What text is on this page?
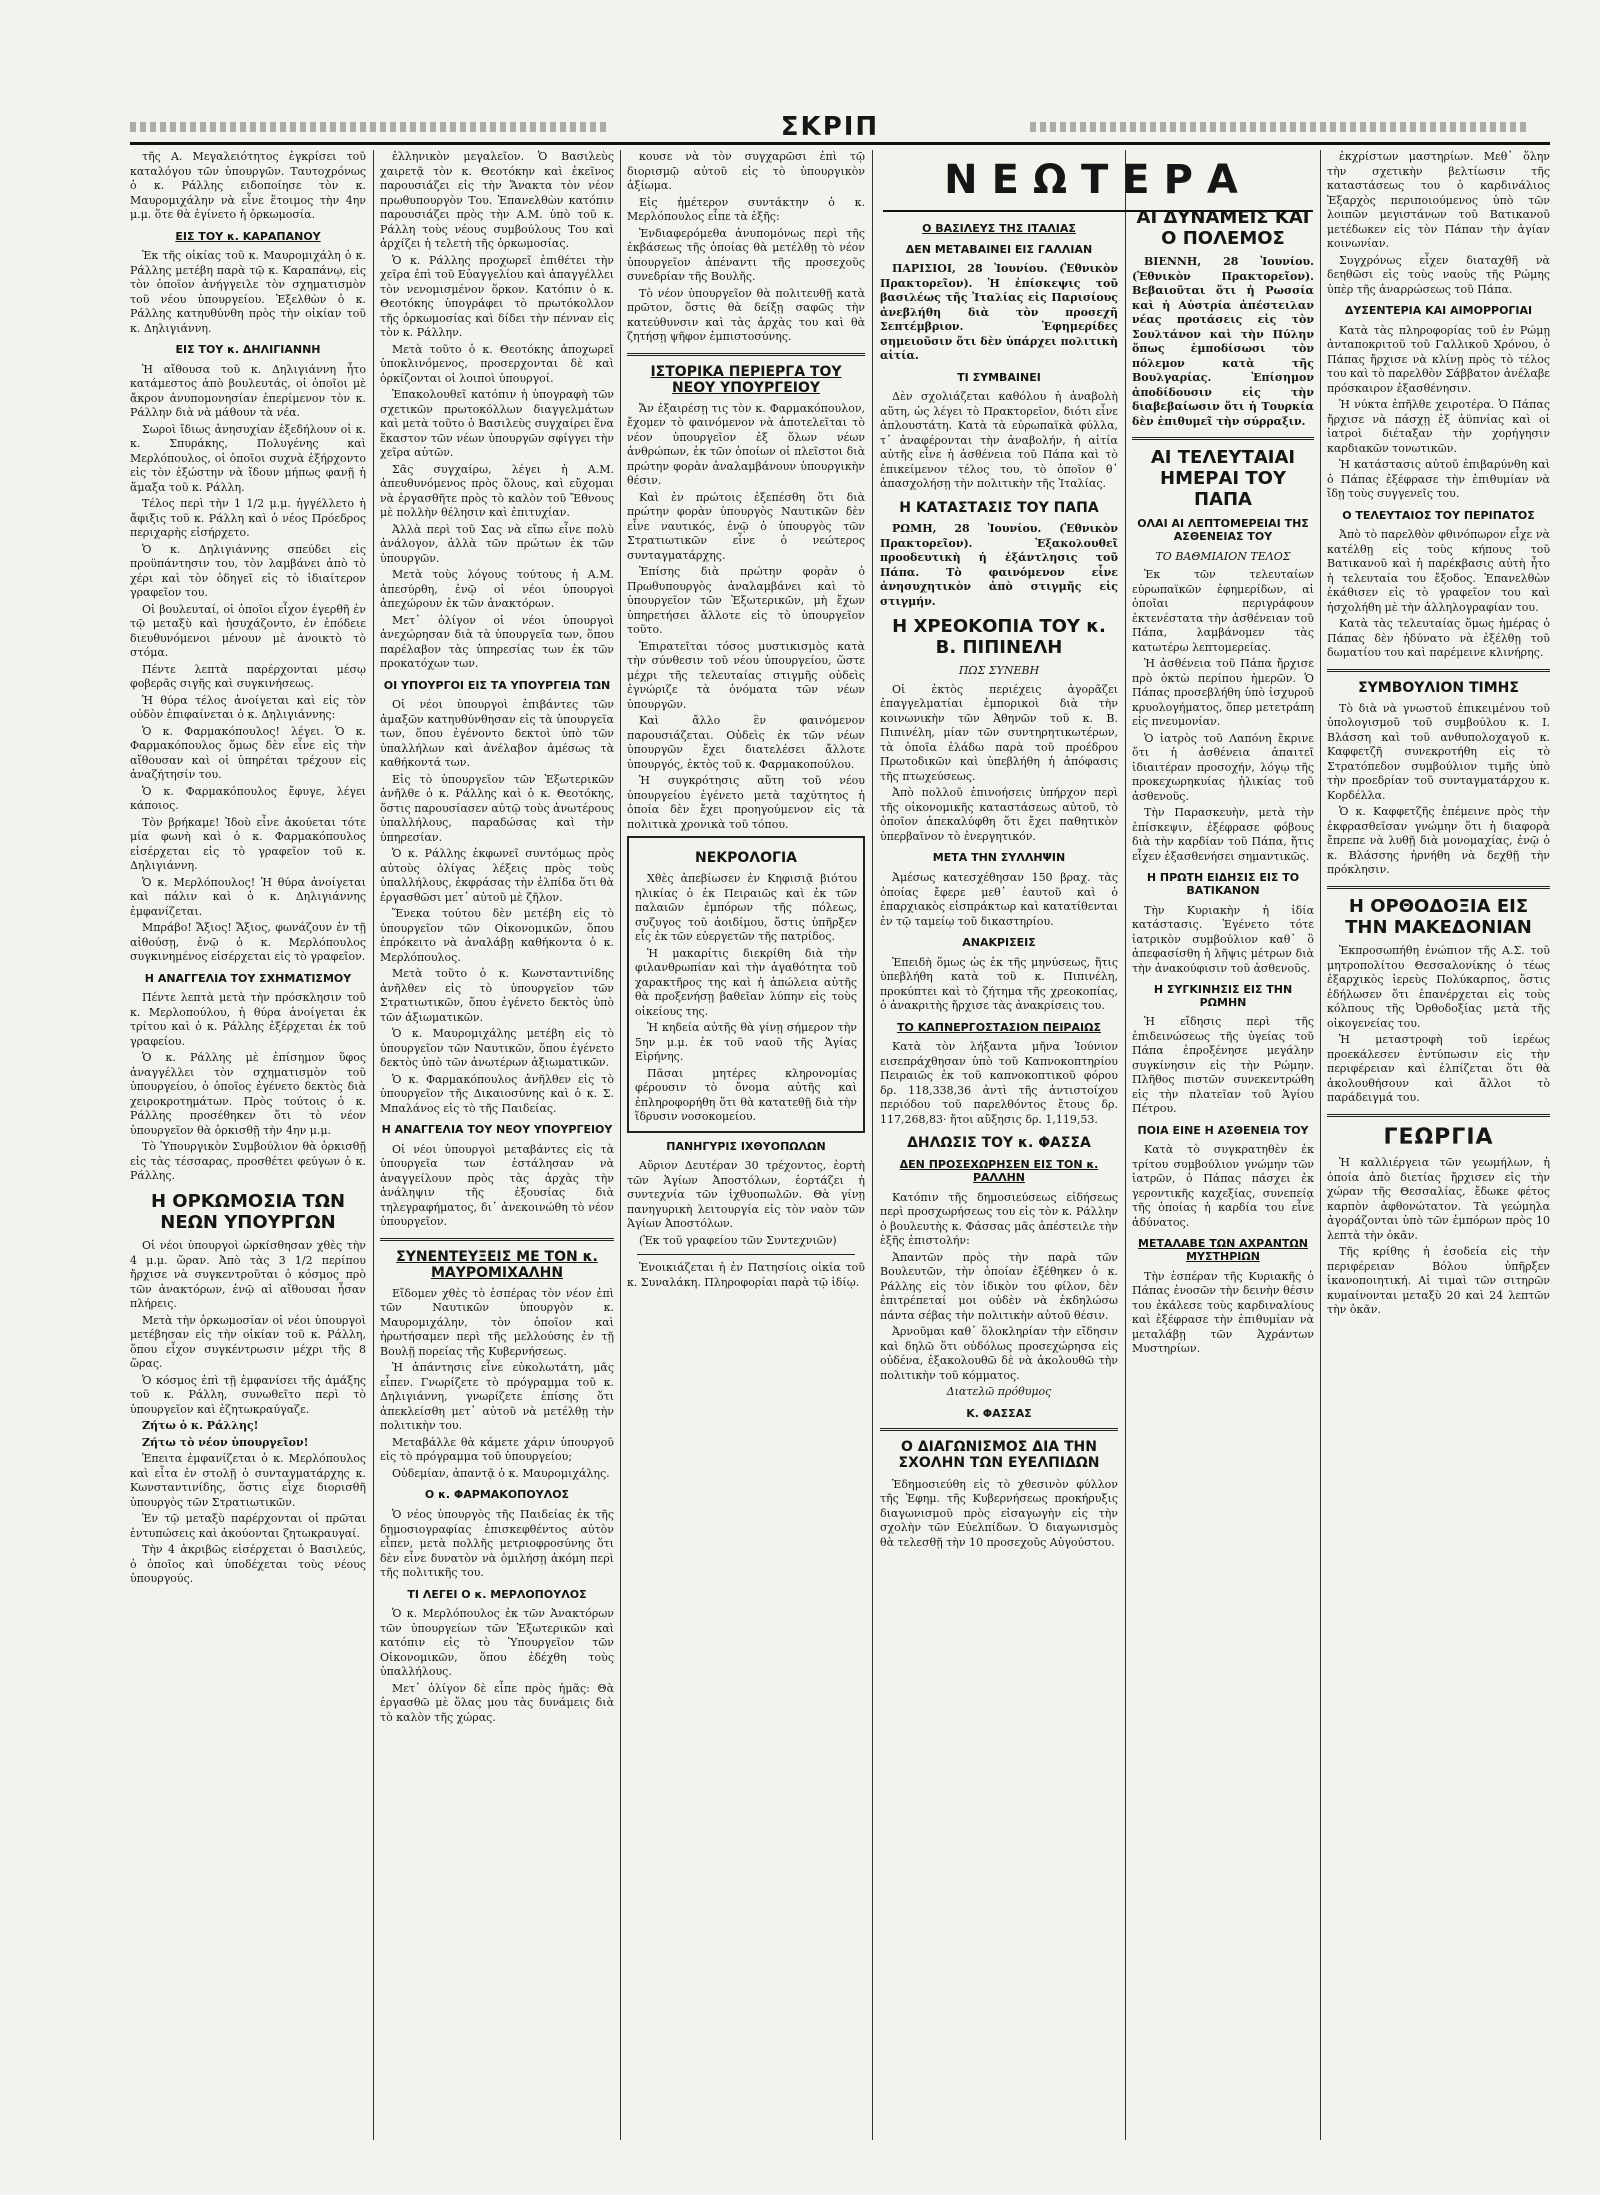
ΣΚΡΙΠ

τῆς Α. Μεγαλειότητος ἐγκρίσει τοῦ καταλόγου τῶν ὑπουργῶν. Ταυτοχρόνως ὁ κ. Ράλλης ειδοποίησε τὸν κ. Μαυρομιχάλην νὰ εἶνε ἕτοιμος τὴν 4ην μ.μ. ὅτε θὰ ἐγίνετο ἡ ὁρκωμοσία.

ΕΙΣ ΤΟΥ κ. ΚΑΡΑΠΑΝΟΥ

Ἐκ τῆς οἰκίας τοῦ κ. Μαυρομιχάλη ὁ κ. Ράλλης μετέβη παρὰ τῷ κ. Καραπάνῳ, εἰς τὸν ὁποῖον ἀνήγγειλε τὸν σχηματισμὸν τοῦ νέου ὑπουργείου. Ἐξελθὼν ὁ κ. Ράλλης κατηυθύνθη πρὸς τὴν οἰκίαν τοῦ κ. Δηλιγιάννη.

ΕΙΣ ΤΟΥ κ. ΔΗΛΙΓΙΑΝΝΗ

Ἡ αἴθουσα τοῦ κ. Δηλιγιάννη ἦτο κατάμεστος ἀπὸ βουλευτάς, οἱ ὁποῖοι μὲ ἄκρον ἀνυπομονησίαν ἐπερίμενον τὸν κ. Ράλλην διὰ νὰ μάθουν τὰ νέα.

Σωροὶ ἴδιως ἀνησυχίαν ἐξεδήλουν οἱ κ. κ. Σπυράκης, Πολυγένης καὶ Μερλόπουλος, οἱ ὁποῖοι συχνὰ ἐξήρχοντο εἰς τὸν ἐξώστην νὰ ἴδουν μήπως φανῇ ἡ ἅμαξα τοῦ κ. Ράλλη.

Τέλος περὶ τὴν 1 1/2 μ.μ. ἠγγέλλετο ἡ ἄφιξις τοῦ κ. Ράλλη καὶ ὁ νέος Πρόεδρος περιχαρὴς εἰσήρχετο.

Ὁ κ. Δηλιγιάννης σπεύδει εἰς προϋπάντησιν του, τὸν λαμβάνει ἀπὸ τὸ χέρι καὶ τὸν ὁδηγεῖ εἰς τὸ ἰδιαίτερον γραφεῖον του.

Οἱ βουλευταί, οἱ ὁποῖοι εἶχον ἐγερθῆ ἐν τῷ μεταξὺ καὶ ἡσυχάζοντο, ἐν ἐπόδειε διευθυνόμενοι μένουν μὲ ἀνοικτὸ τὸ στόμα.

Πέντε λεπτὰ παρέρχονται μέσῳ φοβερᾶς σιγῆς καὶ συγκινήσεως.

Ἡ θύρα τέλος ἀνοίγεται καὶ εἰς τὸν οὐδὸν ἐπιφαίνεται ὁ κ. Δηλιγιάννης:

Ὁ κ. Φαρμακόπουλος! λέγει. Ὁ κ. Φαρμακόπουλος ὅμως δὲν εἶνε εἰς τὴν αἴθουσαν καὶ οἱ ὑπηρέται τρέχουν εἰς ἀναζήτησίν του.

Ὁ κ. Φαρμακόπουλος ἔφυγε, λέγει κάποιος.

Τὸν βρήκαμε! Ἰδοὺ εἶνε ἀκούεται τότε μία φωνὴ καὶ ὁ κ. Φαρμακόπουλος εἰσέρχεται εἰς τὸ γραφεῖον τοῦ κ. Δηλιγιάννη.

Ὁ κ. Μερλόπουλος! Ἡ θύρα ἀνοίγεται καὶ πάλιν καὶ ὁ κ. Δηλιγιάννης ἐμφανίζεται.

Μπράβο! Ἄξιος! Ἄξιος, φωνάζουν ἐν τῇ αἰθούσῃ, ἐνῷ ὁ κ. Μερλόπουλος συγκινημένος εἰσέρχεται εἰς τὸ γραφεῖον.

Η ΑΝΑΓΓΕΛΙΑ ΤΟΥ ΣΧΗΜΑΤΙΣΜΟΥ

Πέντε λεπτὰ μετὰ τὴν πρόσκλησιν τοῦ κ. Μερλοπούλου, ἡ θύρα ἀνοίγεται ἐκ τρίτου καὶ ὁ κ. Ράλλης ἐξέρχεται ἐκ τοῦ γραφείου.

Ὁ κ. Ράλλης μὲ ἐπίσημον ὕφος ἀναγγέλλει τὸν σχηματισμὸν τοῦ ὑπουργείου, ὁ ὁποῖος ἐγένετο δεκτὸς διὰ χειροκροτημάτων. Πρὸς τούτοις ὁ κ. Ράλλης προσέθηκεν ὅτι τὸ νέον ὑπουργεῖον θὰ ὁρκισθῇ τὴν 4ην μ.μ.

Τὸ Ὑπουργικὸν Συμβούλιον θὰ ὁρκισθῇ εἰς τὰς τέσσαρας, προσθέτει φεύγων ὁ κ. Ράλλης.

Η ΟΡΚΩΜΟΣΙΑ ΤΩΝ ΝΕΩΝ ΥΠΟΥΡΓΩΝ

Οἱ νέοι ὑπουργοὶ ὡρκίσθησαν χθὲς τὴν 4 μ.μ. ὥραν. Ἀπὸ τὰς 3 1/2 περίπου ἤρχισε νὰ συγκεντροῦται ὁ κόσμος πρὸ τῶν ἀνακτόρων, ἐνῷ αἱ αἴθουσαι ἦσαν πλήρεις.

Μετὰ τὴν ὁρκωμοσίαν οἱ νέοι ὑπουργοὶ μετέβησαν εἰς τὴν οἰκίαν τοῦ κ. Ράλλη, ὅπου εἶχον συγκέντρωσιν μέχρι τῆς 8 ὥρας.

Ὁ κόσμος ἐπὶ τῇ ἐμφανίσει τῆς ἁμάξης τοῦ κ. Ράλλη, συνωθεῖτο περὶ τὸ ὑπουργεῖον καὶ ἐζητωκραύγαζε.

Ζήτω ὁ κ. Ράλλης!

Ζήτω τὸ νέον ὑπουργεῖον!

Ἐπειτα ἐμφανίζεται ὁ κ. Μερλόπουλος καὶ εἶτα ἐν στολῇ ὁ συνταγματάρχης κ. Κωνσταντινίδης, ὅστις εἶχε διορισθῆ ὑπουργὸς τῶν Στρατιωτικῶν.

Ἐν τῷ μεταξὺ παρέρχονται οἱ πρῶται ἐντυπώσεις καὶ ἀκούονται ζητωκραυγαί.

Τὴν 4 ἀκριβῶς εἰσέρχεται ὁ Βασιλεύς, ὁ ὁποῖος καὶ ὑποδέχεται τοὺς νέους ὑπουργούς.

ἐλληνικὸν μεγαλεῖον. Ὁ Βασιλεὺς χαιρετᾷ τὸν κ. Θεοτόκην καὶ ἐκεῖνος παρουσιάζει εἰς τὴν Ἄνακτα τὸν νέον πρωθυπουργὸν Του. Ἐπανελθὼν κατόπιν παρουσιάζει πρὸς τὴν Α.Μ. ὑπὸ τοῦ κ. Ράλλη τοὺς νέους συμβούλους Του καὶ ἀρχίζει ἡ τελετὴ τῆς ὁρκωμοσίας.

Ὁ κ. Ράλλης προχωρεῖ ἐπιθέτει τὴν χεῖρα ἐπὶ τοῦ Εὐαγγελίου καὶ ἀπαγγέλλει τὸν νενομισμένον ὅρκον. Κατόπιν ὁ κ. Θεοτόκης ὑπογράφει τὸ πρωτόκολλον τῆς ὁρκωμοσίας καὶ δίδει τὴν πένναν εἰς τὸν κ. Ράλλην.

Μετὰ τοῦτο ὁ κ. Θεοτόκης ἀποχωρεῖ ὑποκλινόμενος, προσερχονται δὲ καὶ ὁρκίζονται οἱ λοιποὶ ὑπουργοί.

Ἐπακολουθεῖ κατόπιν ἡ ὑπογραφὴ τῶν σχετικῶν πρωτοκόλλων διαγγελμάτων καὶ μετὰ τοῦτο ὁ Βασιλεὺς συγχαίρει ἕνα ἕκαστον τῶν νέων ὑπουργῶν σφίγγει τὴν χεῖρα αὐτῶν.

Σᾶς συγχαίρω, λέγει ἡ Α.Μ. ἀπευθυνόμενος πρὸς ὅλους, καὶ εὔχομαι νὰ ἐργασθῆτε πρὸς τὸ καλὸν τοῦ Ἔθνους μὲ πολλὴν θέλησιν καὶ ἐπιτυχίαν.

Ἀλλὰ περὶ τοῦ Σας νὰ εἴπω εἶνε πολὺ ἀνάλογον, ἀλλὰ τῶν πρώτων ἐκ τῶν ὑπουργῶν.

Μετὰ τοὺς λόγους τούτους ἡ Α.Μ. ἀπεσύρθη, ἐνῷ οἱ νέοι ὑπουργοὶ ἀπεχώρουν ἐκ τῶν ἀνακτόρων.

Μετ᾽ ὀλίγον οἱ νέοι ὑπουργοὶ ἀνεχώρησαν διὰ τὰ ὑπουργεῖα των, ὅπου παρέλαβον τὰς ὑπηρεσίας των ἐκ τῶν προκατόχων των.

ΟΙ ΥΠΟΥΡΓΟΙ ΕΙΣ ΤΑ ΥΠΟΥΡΓΕΙΑ ΤΩΝ

Οἱ νέοι ὑπουργοὶ ἐπιβάντες τῶν ἁμαξῶν κατηυθύνθησαν εἰς τὰ ὑπουργεῖα των, ὅπου ἐγένοντο δεκτοὶ ὑπὸ τῶν ὑπαλλήλων καὶ ἀνέλαβον ἀμέσως τὰ καθήκοντά των.

Εἰς τὸ ὑπουργεῖον τῶν Ἐξωτερικῶν ἀνῆλθε ὁ κ. Ράλλης καὶ ὁ κ. Θεοτόκης, ὅστις παρουσίασεν αὐτῷ τοὺς ἀνωτέρους ὑπαλλήλους, παραδώσας καὶ τὴν ὑπηρεσίαν.

Ὁ κ. Ράλλης ἐκφωνεῖ συντόμως πρὸς αὐτοὺς ὀλίγας λέξεις πρὸς τοὺς ὑπαλλήλους, ἐκφράσας τὴν ἐλπίδα ὅτι θὰ ἐργασθῶσι μετ᾽ αὐτοῦ μὲ ζῆλον.

Ἕνεκα τούτου δὲν μετέβη εἰς τὸ ὑπουργεῖον τῶν Οἰκονομικῶν, ὅπου ἐπρόκειτο νὰ ἀναλάβῃ καθήκοντα ὁ κ. Μερλόπουλος.

Μετὰ τοῦτο ὁ κ. Κωνσταντινίδης ἀνῆλθεν εἰς τὸ ὑπουργεῖον τῶν Στρατιωτικῶν, ὅπου ἐγένετο δεκτὸς ὑπὸ τῶν ἀξιωματικῶν.

Ὁ κ. Μαυρομιχάλης μετέβη εἰς τὸ ὑπουργεῖον τῶν Ναυτικῶν, ὅπου ἐγένετο δεκτὸς ὑπὸ τῶν ἀνωτέρων ἀξιωματικῶν.

Ὁ κ. Φαρμακόπουλος ἀνῆλθεν εἰς τὸ ὑπουργεῖον τῆς Δικαιοσύνης καὶ ὁ κ. Σ. Μπαλάνος εἰς τὸ τῆς Παιδείας.

Η ΑΝΑΓΓΕΛΙΑ ΤΟΥ ΝΕΟΥ ΥΠΟΥΡΓΕΙΟΥ

Οἱ νέοι ὑπουργοὶ μεταβάντες εἰς τὰ ὑπουργεῖα των ἐστάλησαν νὰ ἀναγγείλουν πρὸς τὰς ἀρχὰς τὴν ἀνάληψιν τῆς ἐξουσίας διὰ τηλεγραφήματος, δι᾽ ἀνεκοινώθη τὸ νέον ὑπουργεῖον.

ΣΥΝΕΝΤΕΥΞΕΙΣ ΜΕ ΤΟΝ κ. ΜΑΥΡΟΜΙΧΑΛΗΝ

Εἴδομεν χθὲς τὸ ἑσπέρας τὸν νέον ἐπὶ τῶν Ναυτικῶν ὑπουργὸν κ. Μαυρομιχάλην, τὸν ὁποῖον καὶ ἠρωτήσαμεν περὶ τῆς μελλούσης ἐν τῇ Βουλῇ πορείας τῆς Κυβερνήσεως.

Ἡ ἀπάντησις εἶνε εὐκολωτάτη, μᾶς εἶπεν. Γνωρίζετε τὸ πρόγραμμα τοῦ κ. Δηλιγιάννη, γνωρίζετε ἐπίσης ὅτι ἀπεκλείσθη μετ᾽ αὐτοῦ νὰ μετέλθῃ τὴν πολιτικὴν του.

Μεταβάλλε θὰ κάμετε χάριν ὑπουργοῦ εἰς τὸ πρόγραμμα τοῦ ὑπουργείου;

Οὐδεμίαν, ἀπαντᾷ ὁ κ. Μαυρομιχάλης.

Ο κ. ΦΑΡΜΑΚΟΠΟΥΛΟΣ

Ὁ νέος ὑπουργὸς τῆς Παιδείας ἐκ τῆς δημοσιογραφίας ἐπισκεφθέντος αὐτὸν εἶπεν, μετὰ πολλῆς μετριοφροσύνης ὅτι δὲν εἶνε δυνατὸν νὰ ὁμιλήσῃ ἀκόμη περὶ τῆς πολιτικῆς του.

ΤΙ ΛΕΓΕΙ Ο κ. ΜΕΡΛΟΠΟΥΛΟΣ

Ὁ κ. Μερλόπουλος ἐκ τῶν Ἀνακτόρων τῶν ὑπουργείων τῶν Ἐξωτερικῶν καὶ κατόπιν εἰς τὸ Ὑπουργεῖον τῶν Οἰκονομικῶν, ὅπου ἐδέχθη τοὺς ὑπαλλήλους.

Μετ᾽ ὀλίγον δὲ εἶπε πρὸς ἡμᾶς: Θὰ ἐργασθῶ μὲ ὅλας μου τὰς δυνάμεις διὰ τὸ καλὸν τῆς χώρας.

κουσε νὰ τὸν συγχαρῶσι ἐπὶ τῷ διορισμῷ αὐτοῦ εἰς τὸ ὑπουργικὸν ἀξίωμα.

Εἰς ἡμέτερον συντάκτην ὁ κ. Μερλόπουλος εἶπε τὰ ἑξῆς:

Ἐνδιαφερόμεθα ἀνυπομόνως περὶ τῆς ἐκβάσεως τῆς ὁποίας θὰ μετέλθῃ τὸ νέον ὑπουργεῖον ἀπέναντι τῆς προσεχοῦς συνεδρίαν τῆς Βουλῆς.

Τὸ νέον ὑπουργεῖον θὰ πολιτευθῇ κατὰ πρῶτον, ὅστις θὰ δείξῃ σαφῶς τὴν κατεύθυνσιν καὶ τὰς ἀρχὰς του καὶ θὰ ζητήσῃ ψῆφον ἐμπιστοσύνης.

ΙΣΤΟΡΙΚΑ ΠΕΡΙΕΡΓΑ ΤΟΥ ΝΕΟΥ ΥΠΟΥΡΓΕΙΟΥ

Ἄν ἐξαιρέσῃ τις τὸν κ. Φαρμακόπουλον, ἔχομεν τὸ φαινόμενον νὰ ἀποτελεῖται τὸ νέον ὑπουργεῖον ἐξ ὅλων νέων ἀνθρώπων, ἐκ τῶν ὁποίων οἱ πλεῖστοι διὰ πρώτην φορὰν ἀναλαμβάνουν ὑπουργικὴν θέσιν.

Καὶ ἐν πρώτοις ἐξεπέσθη ὅτι διὰ πρώτην φορὰν ὑπουργὸς Ναυτικῶν δὲν εἶνε ναυτικός, ἐνῷ ὁ ὑπουργὸς τῶν Στρατιωτικῶν εἶνε ὁ νεώτερος συνταγματάρχης.

Ἐπίσης διὰ πρώτην φορὰν ὁ Πρωθυπουργὸς ἀναλαμβάνει καὶ τὸ ὑπουργεῖον τῶν Ἐξωτερικῶν, μὴ ἔχων ὑπηρετήσει ἄλλοτε εἰς τὸ ὑπουργεῖον τοῦτο.

Ἐπιρατεῖται τόσος μυστικισμὸς κατὰ τὴν σύνθεσιν τοῦ νέου ὑπουργείου, ὥστε μέχρι τῆς τελευταίας στιγμῆς οὐδεὶς ἐγνώριζε τὰ ὀνόματα τῶν νέων ὑπουργῶν.

Καὶ ἄλλο ἓν φαινόμενον παρουσιάζεται. Οὐδεὶς ἐκ τῶν νέων ὑπουργῶν ἔχει διατελέσει ἄλλοτε ὑπουργός, ἐκτὸς τοῦ κ. Φαρμακοπούλου.

Ἡ συγκρότησις αὕτη τοῦ νέου ὑπουργείου ἐγένετο μετὰ ταχύτητος ἡ ὁποία δὲν ἔχει προηγούμενον εἰς τὰ πολιτικὰ χρονικὰ τοῦ τόπου.

ΝΕΚΡΟΛΟΓΙΑ

Χθὲς ἀπεβίωσεν ἐν Κηφισιᾷ βιότου ηλικίας ὁ ἐκ Πειραιῶς καὶ ἐκ τῶν παλαιῶν ἐμπόρων τῆς πόλεως, συζυγος τοῦ ἀοιδίμου, ὅστις ὑπῆρξεν εἷς ἐκ τῶν εὐεργετῶν τῆς πατρίδος.

Ἡ μακαρίτις διεκρίθη διὰ τὴν φιλανθρωπίαν καὶ τὴν ἀγαθότητα τοῦ χαρακτῆρος της καὶ ἡ ἀπώλεια αὐτῆς θὰ προξενήσῃ βαθεῖαν λύπην εἰς τοὺς οἰκείους της.

Ἡ κηδεία αὐτῆς θὰ γίνῃ σήμερον τὴν 5ην μ.μ. ἐκ τοῦ ναοῦ τῆς Ἁγίας Εἰρήνης.

Πᾶσαι μητέρες κληρονομίας φέρουσιν τὸ ὄνομα αὐτῆς καὶ ἐπληροφορήθη ὅτι θὰ κατατεθῇ διὰ τὴν ἵδρυσιν νοσοκομείου.

ΠΑΝΗΓΥΡΙΣ ΙΧΘΥΟΠΩΛΩΝ

Αὔριον Δευτέραν 30 τρέχοντος, ἑορτὴ τῶν Ἁγίων Ἀποστόλων, ἑορτάζει ἡ συντεχνία τῶν ἰχθυοπωλῶν. Θὰ γίνῃ πανηγυρικὴ λειτουργία εἰς τὸν ναὸν τῶν Ἁγίων Ἀποστόλων.

(Ἐκ τοῦ γραφείου τῶν Συντεχνιῶν)

Ἐνοικιάζεται ἡ ἐν Πατησίοις οἰκία τοῦ κ. Συναλάκη. Πληροφορίαι παρὰ τῷ ἰδίῳ.

ΝΕΩΤΕΡΑ
Ο ΒΑΣΙΛΕΥΣ ΤΗΣ ΙΤΑΛΙΑΣ
ΔΕΝ ΜΕΤΑΒΑΙΝΕΙ ΕΙΣ ΓΑΛΛΙΑΝ

ΠΑΡΙΣΙΟΙ, 28 Ἰουνίου. (Ἐθνικὸν Πρακτορεῖον). Ἡ ἐπίσκεψις τοῦ βασιλέως τῆς Ἰταλίας εἰς Παρισίους ἀνεβλήθη διὰ τὸν προσεχῆ Σεπτέμβριον. Ἐφημερίδες σημειοῦσιν ὅτι δὲν ὑπάρχει πολιτικὴ αἰτία.

ΤΙ ΣΥΜΒΑΙΝΕΙ

Δὲν σχολιάζεται καθόλου ἡ ἀναβολὴ αὕτη, ὡς λέγει τὸ Πρακτορεῖον, διότι εἶνε ἁπλουστάτη. Κατὰ τὰ εὐρωπαϊκὰ φύλλα, τ᾽ ἀναφέρονται τὴν ἀναβολήν, ἡ αἰτία αὐτῆς εἶνε ἡ ἀσθένεια τοῦ Πάπα καὶ τὸ ἐπικείμενον τέλος του, τὸ ὁποῖον θ᾽ ἀπασχολήσῃ τὴν πολιτικὴν τῆς Ἰταλίας.

Η ΚΑΤΑΣΤΑΣΙΣ ΤΟΥ ΠΑΠΑ

ΡΩΜΗ, 28 Ἰουνίου. (Ἐθνικὸν Πρακτορεῖον). Ἐξακολουθεῖ προοδευτικὴ ἡ ἐξάντλησις τοῦ Πάπα. Τὸ φαινόμενον εἶνε ἀνησυχητικὸν ἀπὸ στιγμῆς εἰς στιγμήν.

Η ΧΡΕΟΚΟΠΙΑ ΤΟΥ κ. Β. ΠΙΠΙΝΕΛΗ
ΠΩΣ ΣΥΝΕΒΗ

Οἱ ἐκτὸς περιέχεις ἀγορᾶζει ἐπαγγελματίαι ἐμπορικοὶ διὰ τὴν κοινωνικὴν τῶν Ἀθηνῶν τοῦ κ. Β. Πιπινέλη, μίαν τῶν συντηρητικωτέρων, τὰ ὁποῖα ἐλάδω παρὰ τοῦ προέδρου Πρωτοδικῶν καὶ ὑπεβλήθη ἡ ἀπόφασις τῆς πτωχεύσεως.

Ἀπὸ πολλοῦ ἐπινοήσεις ὑπήρχον περὶ τῆς οἰκονομικῆς καταστάσεως αὐτοῦ, τὸ ὁποῖον ἀπεκαλύφθη ὅτι ἔχει παθητικὸν ὑπερβαῖνον τὸ ἐνεργητικόν.

ΜΕΤΑ ΤΗΝ ΣΥΛΛΗΨΙΝ

Ἀμέσως κατεσχέθησαν 150 βραχ. τὰς ὁποίας ἔφερε μεθ᾽ ἑαυτοῦ καὶ ὁ ἐπαρχιακὸς εἰσπράκτωρ καὶ κατατίθενται ἐν τῷ ταμείῳ τοῦ δικαστηρίου.

ΑΝΑΚΡΙΣΕΙΣ

Ἐπειδὴ ὅμως ὡς ἐκ τῆς μηνύσεως, ἥτις ὑπεβλήθη κατὰ τοῦ κ. Πιπινέλη, προκύπτει καὶ τὸ ζήτημα τῆς χρεοκοπίας, ὁ ἀνακριτὴς ἤρχισε τὰς ἀνακρίσεις του.

ΤΟ ΚΑΠΝΕΡΓΟΣΤΑΣΙΟΝ ΠΕΙΡΑΙΩΣ

Κατὰ τὸν λήξαντα μῆνα Ἰούνιον εισεπράχθησαν ὑπὸ τοῦ Καπνοκοπτηρίου Πειραιῶς ἐκ τοῦ καπνοκοπτικοῦ φόρου δρ. 118,338,36 ἀντὶ τῆς ἀντιστοίχου περιόδου τοῦ παρελθόντος ἔτους δρ. 117,268,83· ἤτοι αὔξησις δρ. 1,119,53.

ΔΗΛΩΣΙΣ ΤΟΥ κ. ΦΑΣΣΑ
ΔΕΝ ΠΡΟΣΕΧΩΡΗΣΕΝ ΕΙΣ ΤΟΝ κ. ΡΑΛΛΗΝ

Κατόπιν τῆς δημοσιεύσεως εἰδήσεως περὶ προσχωρήσεως του εἰς τὸν κ. Ράλλην ὁ βουλευτὴς κ. Φάσσας μᾶς ἀπέστειλε τὴν ἑξῆς ἐπιστολήν:

Ἀπαντῶν πρὸς τὴν παρὰ τῶν Βουλευτῶν, τὴν ὁποίαν ἐξέθηκεν ὁ κ. Ράλλης εἰς τὸν ἰδικὸν του φίλον, δὲν ἐπιτρέπεταί μοι οὐδὲν νὰ ἐκδηλώσω πάντα σέβας τὴν πολιτικὴν αὐτοῦ θέσιν.

Ἀρνοῦμαι καθ᾽ ὅλοκληρίαν τὴν εἴδησιν καὶ δηλῶ ὅτι οὐδόλως προσεχώρησα εἰς οὐδένα, ἐξακολουθῶ δὲ νὰ ἀκολουθῶ τὴν πολιτικὴν τοῦ κόμματος.

Διατελῶ πρόθυμος
Κ. ΦΑΣΣΑΣ
Ο ΔΙΑΓΩΝΙΣΜΟΣ ΔΙΑ ΤΗΝ ΣΧΟΛΗΝ ΤΩΝ ΕΥΕΛΠΙΔΩΝ

Ἐδημοσιεύθη εἰς τὸ χθεσινὸν φύλλον τῆς Ἐφημ. τῆς Κυβερνήσεως προκήρυξις διαγωνισμοῦ πρὸς εἰσαγωγὴν εἰς τὴν σχολὴν τῶν Εὐελπίδων. Ὁ διαγωνισμὸς θὰ τελεσθῇ τὴν 10 προσεχοῦς Αὐγούστου.

ΑΙ ΔΥΝΑΜΕΙΣ ΚΑΙ Ο ΠΟΛΕΜΟΣ

ΒΙΕΝΝΗ, 28 Ἰουνίου. (Ἐθνικὸν Πρακτορεῖον). Βεβαιοῦται ὅτι ἡ Ρωσσία καὶ ἡ Αὐστρία ἀπέστειλαν νέας προτάσεις εἰς τὸν Σουλτάνον καὶ τὴν Πύλην ὅπως ἐμποδίσωσι τὸν πόλεμον κατὰ τῆς Βουλγαρίας. Ἐπίσημον ἀποδίδουσιν εἰς τὴν διαβεβαίωσιν ὅτι ἡ Τουρκία δὲν ἐπιθυμεῖ τὴν σύρραξιν.

ΑΙ ΤΕΛΕΥΤΑΙΑΙ ΗΜΕΡΑΙ ΤΟΥ ΠΑΠΑ
ΟΛΑΙ ΑΙ ΛΕΠΤΟΜΕΡΕΙΑΙ ΤΗΣ ΑΣΘΕΝΕΙΑΣ ΤΟΥ
ΤΟ ΒΑΘΜΙΑΙΟΝ ΤΕΛΟΣ

Ἐκ τῶν τελευταίων εὐρωπαϊκῶν ἐφημερίδων, αἱ ὁποῖαι περιγράφουν ἐκτενέστατα τὴν ἀσθένειαν τοῦ Πάπα, λαμβάνομεν τὰς κατωτέρω λεπτομερείας.

Ἡ ἀσθένεια τοῦ Πάπα ἤρχισε πρὸ ὀκτὼ περίπου ἡμερῶν. Ὁ Πάπας προσεβλήθη ὑπὸ ἰσχυροῦ κρυολογήματος, ὅπερ μετετράπη εἰς πνευμονίαν.

Ὁ ἰατρὸς τοῦ Λαπόνη ἔκρινε ὅτι ἡ ἀσθένεια ἀπαιτεῖ ἰδιαιτέραν προσοχήν, λόγῳ τῆς προκεχωρηκυίας ἡλικίας τοῦ ἀσθενοῦς.

Τὴν Παρασκευὴν, μετὰ τὴν ἐπίσκεψιν, ἐξέφρασε φόβους διὰ τὴν καρδίαν τοῦ Πάπα, ἥτις εἶχεν ἐξασθενήσει σημαντικῶς.

Η ΠΡΩΤΗ ΕΙΔΗΣΙΣ ΕΙΣ ΤΟ ΒΑΤΙΚΑΝΟΝ

Τὴν Κυριακὴν ἡ ἰδία κατάστασις. Ἐγένετο τότε ἰατρικὸν συμβούλιον καθ᾽ ὃ ἀπεφασίσθη ἡ λῆψις μέτρων διὰ τὴν ἀνακούφισιν τοῦ ἀσθενοῦς.

Η ΣΥΓΚΙΝΗΣΙΣ ΕΙΣ ΤΗΝ ΡΩΜΗΝ

Ἡ εἴδησις περὶ τῆς ἐπιδεινώσεως τῆς ὑγείας τοῦ Πάπα ἐπροξένησε μεγάλην συγκίνησιν εἰς τὴν Ρώμην. Πλῆθος πιστῶν συνεκεντρώθη εἰς τὴν πλατεῖαν τοῦ Ἁγίου Πέτρου.

ΠΟΙΑ ΕΙΝΕ Η ΑΣΘΕΝΕΙΑ ΤΟΥ

Κατὰ τὸ συγκρατηθὲν ἐκ τρίτου συμβούλιον γνώμην τῶν ἰατρῶν, ὁ Πάπας πάσχει ἐκ γεροντικῆς καχεξίας, συνεπείᾳ τῆς ὁποίας ἡ καρδία του εἶνε ἀδύνατος.

ΜΕΤΑΛΑΒΕ ΤΩΝ ΑΧΡΑΝΤΩΝ ΜΥΣΤΗΡΙΩΝ

Τὴν ἑσπέραν τῆς Κυριακῆς ὁ Πάπας ἐνοσῶν τὴν δεινὴν θέσιν του ἐκάλεσε τοὺς καρδιναλίους καὶ ἐξέφρασε τὴν ἐπιθυμίαν νὰ μεταλάβῃ τῶν Ἀχράντων Μυστηρίων.

ἐκχρίστων μαστηρίων. Μεθ᾽ ὅλην τὴν σχετικὴν βελτίωσιν τῆς καταστάσεως του ὁ καρδινάλιος Ἐξαρχὸς περιποιούμενος ὑπὸ τῶν λοιπῶν μεγιστάνων τοῦ Βατικανοῦ μετέδωκεν εἰς τὸν Πάπαν τὴν ἁγίαν κοινωνίαν.

Συγχρόνως εἶχεν διαταχθῆ νὰ δεηθῶσι εἰς τοὺς ναοὺς τῆς Ρώμης ὑπὲρ τῆς ἀναρρώσεως τοῦ Πάπα.

ΔΥΣΕΝΤΕΡΙΑ ΚΑΙ ΑΙΜΟΡΡΟΓΙΑΙ

Κατὰ τὰς πληροφορίας τοῦ ἐν Ρώμῃ ἀνταποκριτοῦ τοῦ Γαλλικοῦ Χρόνου, ὁ Πάπας ἤρχισε νὰ κλίνῃ πρὸς τὸ τέλος του καὶ τὸ παρελθὸν Σάββατον ἀνέλαβε πρόσκαιρον ἐξασθένησιν.

Ἡ νύκτα ἐπῆλθε χειροτέρα. Ὁ Πάπας ἤρχισε νὰ πάσχῃ ἐξ ἀϋπνίας καὶ οἱ ἰατροὶ διέταξαν τὴν χορήγησιν καρδιακῶν τονωτικῶν.

Ἡ κατάστασις αὐτοῦ ἐπιβαρύνθη καὶ ὁ Πάπας ἐξέφρασε τὴν ἐπιθυμίαν νὰ ἴδῃ τοὺς συγγενεῖς του.

Ο ΤΕΛΕΥΤΑΙΟΣ ΤΟΥ ΠΕΡΙΠΑΤΟΣ

Ἀπὸ τὸ παρελθὸν φθινόπωρον εἶχε νὰ κατέλθῃ εἰς τοὺς κήπους τοῦ Βατικανοῦ καὶ ἡ παρέκβασις αὐτὴ ἦτο ἡ τελευταία του ἔξοδος. Ἐπανελθὼν ἐκάθισεν εἰς τὸ γραφεῖον του καὶ ἠσχολήθη μὲ τὴν ἀλληλογραφίαν του.

Κατὰ τὰς τελευταίας ὅμως ἡμέρας ὁ Πάπας δὲν ἠδύνατο νὰ ἐξέλθῃ τοῦ δωματίου του καὶ παρέμεινε κλινήρης.

ΣΥΜΒΟΥΛΙΟΝ ΤΙΜΗΣ

Τὸ διὰ νὰ γνωστοῦ ἐπικειμένου τοῦ ὑπολογισμοῦ τοῦ συμβούλου κ. Ι. Βλάσση καὶ τοῦ ανθυπολοχαγοῦ κ. Καφφετζῆ συνεκροτήθη εἰς τὸ Στρατόπεδον συμβούλιον τιμῆς ὑπὸ τὴν προεδρίαν τοῦ συνταγματάρχου κ. Κορδέλλα.

Ὁ κ. Καφφετζῆς ἐπέμεινε πρὸς τὴν ἐκφρασθεῖσαν γνώμην ὅτι ἡ διαφορὰ ἔπρεπε νὰ λυθῇ διὰ μονομαχίας, ἐνῷ ὁ κ. Βλάσσης ἠρνήθη νὰ δεχθῇ τὴν πρόκλησιν.

Η ΟΡΘΟΔΟΞΙΑ ΕΙΣ ΤΗΝ ΜΑΚΕΔΟΝΙΑΝ

Ἐκπροσωπήθη ἐνώπιον τῆς Α.Σ. τοῦ μητροπολίτου Θεσσαλονίκης ὁ τέως ἐξαρχικὸς ἱερεὺς Πολύκαρπος, ὅστις ἐδήλωσεν ὅτι ἐπανέρχεται εἰς τοὺς κόλπους τῆς Ὀρθοδοξίας μετὰ τῆς οἰκογενείας του.

Ἡ μεταστροφὴ τοῦ ἱερέως προεκάλεσεν ἐντύπωσιν εἰς τὴν περιφέρειαν καὶ ἐλπίζεται ὅτι θὰ ἀκολουθήσουν καὶ ἄλλοι τὸ παράδειγμά του.

ΓΕΩΡΓΙΑ

Ἡ καλλιέργεια τῶν γεωμήλων, ἡ ὁποία ἀπὸ διετίας ἤρχισεν εἰς τὴν χώραν τῆς Θεσσαλίας, ἔδωκε φέτος καρπὸν ἀφθονώτατον. Τὰ γεώμηλα ἀγοράζονται ὑπὸ τῶν ἐμπόρων πρὸς 10 λεπτὰ τὴν ὀκᾶν.

Τῆς κρίθης ἡ ἐσοδεία εἰς τὴν περιφέρειαν Βόλου ὑπῆρξεν ἱκανοποιητική. Αἱ τιμαὶ τῶν σιτηρῶν κυμαίνονται μεταξὺ 20 καὶ 24 λεπτῶν τὴν ὀκᾶν.
